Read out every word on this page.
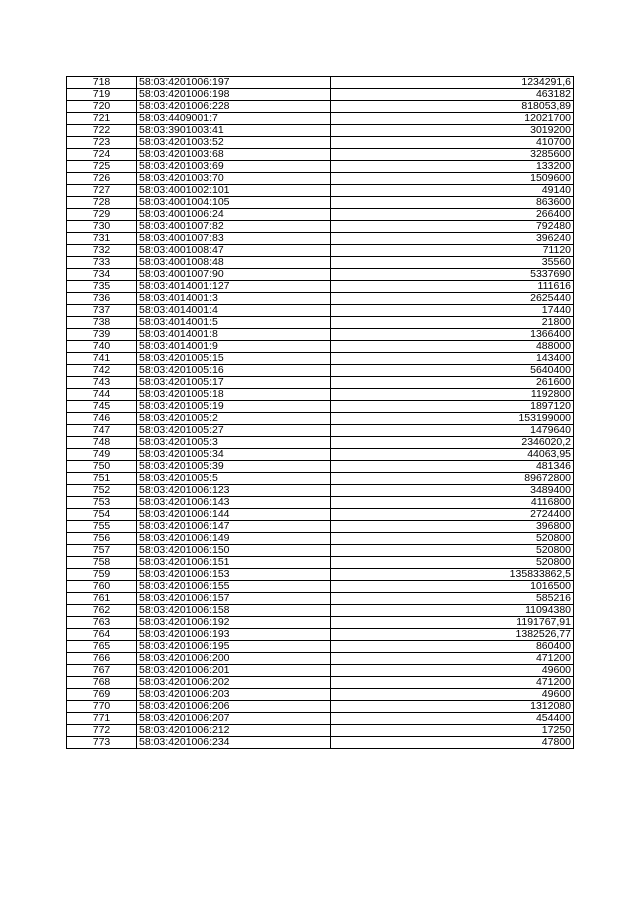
718	58:03:4201006:197	1234291,6
719	58:03:4201006:198	463182
720	58:03:4201006:228	818053,89
721	58:03:4409001:7	12021700
722	58:03:3901003:41	3019200
723	58:03:4201003:52	410700
724	58:03:4201003:68	3285600
725	58:03:4201003:69	133200
726	58:03:4201003:70	1509600
727	58:03:4001002:101	49140
728	58:03:4001004:105	863600
729	58:03:4001006:24	266400
730	58:03:4001007:82	792480
731	58:03:4001007:83	396240
732	58:03:4001008:47	71120
733	58:03:4001008:48	35560
734	58:03:4001007:90	5337690
735	58:03:4014001:127	111616
736	58:03:4014001:3	2625440
737	58:03:4014001:4	17440
738	58:03:4014001:5	21800
739	58:03:4014001:8	1366400
740	58:03:4014001:9	488000
741	58:03:4201005:15	143400
742	58:03:4201005:16	5640400
743	58:03:4201005:17	261600
744	58:03:4201005:18	1192800
745	58:03:4201005:19	1897120
746	58:03:4201005:2	153199000
747	58:03:4201005:27	1479640
748	58:03:4201005:3	2346020,2
749	58:03:4201005:34	44063,95
750	58:03:4201005:39	481346
751	58:03:4201005:5	89672800
752	58:03:4201006:123	3489400
753	58:03:4201006:143	4116800
754	58:03:4201006:144	2724400
755	58:03:4201006:147	396800
756	58:03:4201006:149	520800
757	58:03:4201006:150	520800
758	58:03:4201006:151	520800
759	58:03:4201006:153	135833862,5
760	58:03:4201006:155	1016500
761	58:03:4201006:157	585216
762	58:03:4201006:158	11094380
763	58:03:4201006:192	1191767,91
764	58:03:4201006:193	1382526,77
765	58:03:4201006:195	860400
766	58:03:4201006:200	471200
767	58:03:4201006:201	49600
768	58:03:4201006:202	471200
769	58:03:4201006:203	49600
770	58:03:4201006:206	1312080
771	58:03:4201006:207	454400
772	58:03:4201006:212	17250
773	58:03:4201006:234	47800
